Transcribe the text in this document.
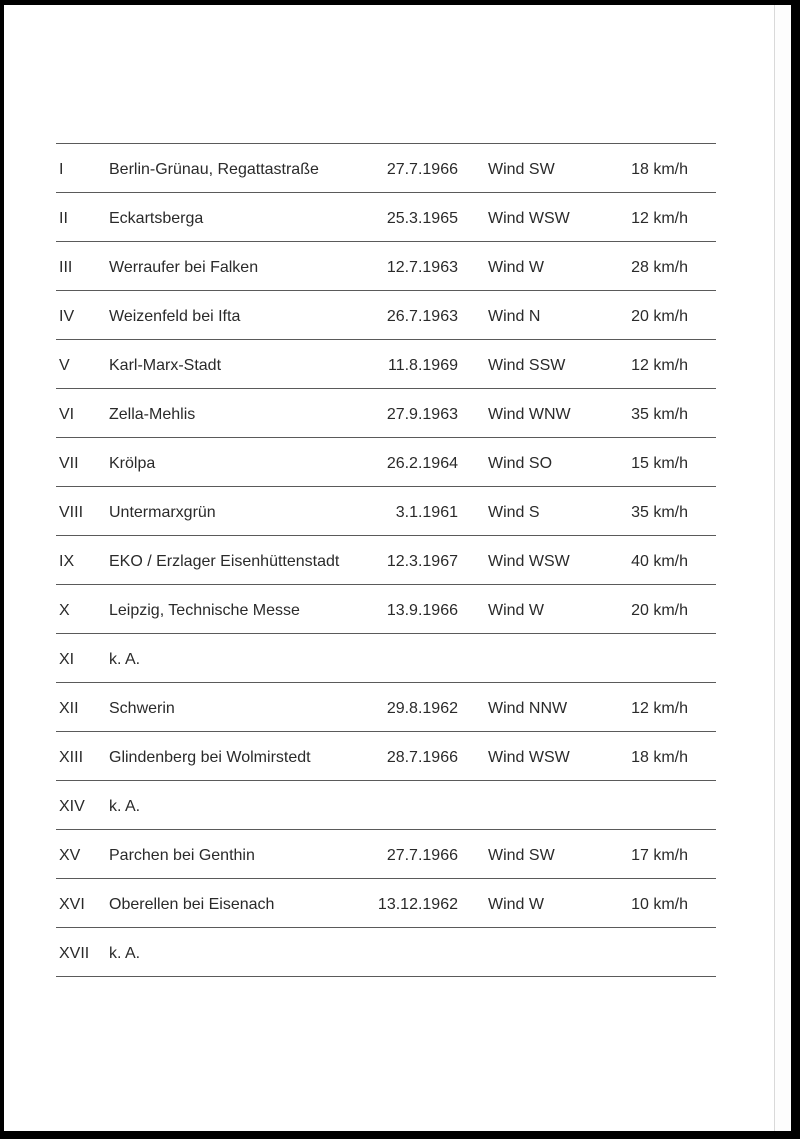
I	Berlin-Grünau, Regattastraße	27.7.1966 Wind SW	18 km/h
II	Eckartsberga	25.3.1965 Wind WSW	12 km/h
III Werraufer bei Falken	12.7.1963 Wind W	28 km/h
IV Weizenfeld bei Ifta	26.7.1963 Wind N	20 km/h
V Karl-Marx-Stadt	11.8.1969 Wind SSW	12 km/h
VI Zella-Mehlis	27.9.1963 Wind WNW	35 km/h
VII Krölpa	26.2.1964 Wind SO	15 km/h
VIII Untermarxgrün	3.1.1961 Wind S	35 km/h
IX EKO / Erzlager Eisenhüttenstadt	12.3.1967 Wind WSW	40 km/h
X Leipzig, Technische Messe	13.9.1966 Wind W	20 km/h
XI k. A.
XII Schwerin	29.8.1962 Wind NNW	12 km/h
XIII Glindenberg bei Wolmirstedt	28.7.1966 Wind WSW	18 km/h
XIV k. A.
XV Parchen bei Genthin	27.7.1966 Wind SW	17 km/h
XVI Oberellen bei Eisenach	13.12.1962 Wind W	10 km/h
XVII k. A.
